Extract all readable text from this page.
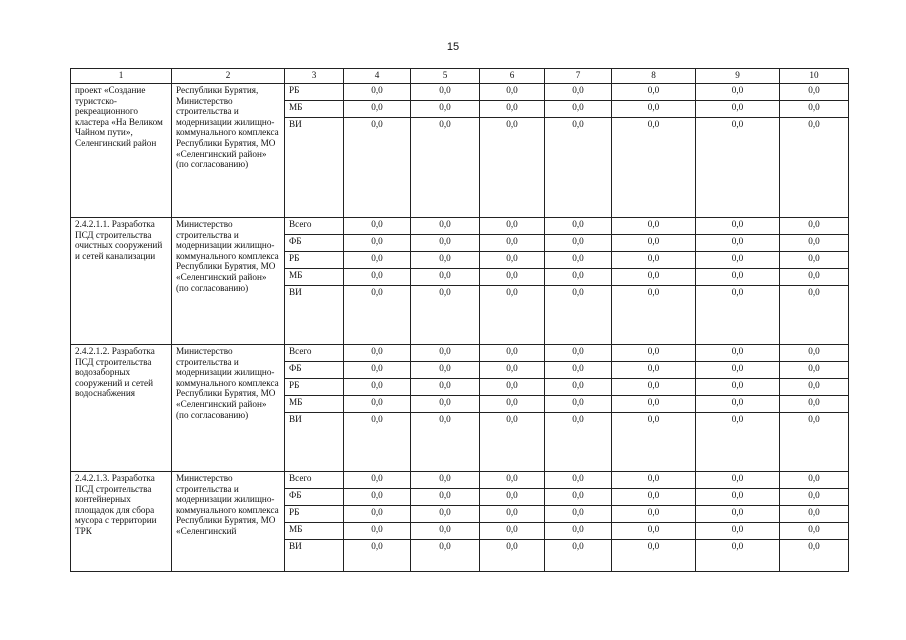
15
1	2	3	4	5	6	7	8	9	10
проект «Создание туристско-рекреационного кластера «На Великом Чайном пути», Селенгинский район	Республики Бурятия, Министерство строительства и модернизации жилищно-коммунального комплекса Республики Бурятия, МО «Селенгинский район» (по согласованию)	РБ	0,0	0,0	0,0	0,0	0,0	0,0	0,0
		МБ	0,0	0,0	0,0	0,0	0,0	0,0	0,0
		ВИ	0,0	0,0	0,0	0,0	0,0	0,0	0,0
2.4.2.1.1. Разработка ПСД строительства очистных сооружений и сетей канализации	Министерство строительства и модернизации жилищно-коммунального комплекса Республики Бурятия, МО «Селенгинский район» (по согласованию)	Всего	0,0	0,0	0,0	0,0	0,0	0,0	0,0
		ФБ	0,0	0,0	0,0	0,0	0,0	0,0	0,0
		РБ	0,0	0,0	0,0	0,0	0,0	0,0	0,0
		МБ	0,0	0,0	0,0	0,0	0,0	0,0	0,0
		ВИ	0,0	0,0	0,0	0,0	0,0	0,0	0,0
2.4.2.1.2. Разработка ПСД строительства водозаборных сооружений и сетей водоснабжения	Министерство строительства и модернизации жилищно-коммунального комплекса Республики Бурятия, МО «Селенгинский район» (по согласованию)	Всего	0,0	0,0	0,0	0,0	0,0	0,0	0,0
		ФБ	0,0	0,0	0,0	0,0	0,0	0,0	0,0
		РБ	0,0	0,0	0,0	0,0	0,0	0,0	0,0
		МБ	0,0	0,0	0,0	0,0	0,0	0,0	0,0
		ВИ	0,0	0,0	0,0	0,0	0,0	0,0	0,0
2.4.2.1.3. Разработка ПСД строительства контейнерных площадок для сбора мусора с территории ТРК	Министерство строительства и модернизации жилищно-коммунального комплекса Республики Бурятия, МО «Селенгинский	Всего	0,0	0,0	0,0	0,0	0,0	0,0	0,0
		ФБ	0,0	0,0	0,0	0,0	0,0	0,0	0,0
		РБ	0,0	0,0	0,0	0,0	0,0	0,0	0,0
		МБ	0,0	0,0	0,0	0,0	0,0	0,0	0,0
		ВИ	0,0	0,0	0,0	0,0	0,0	0,0	0,0
